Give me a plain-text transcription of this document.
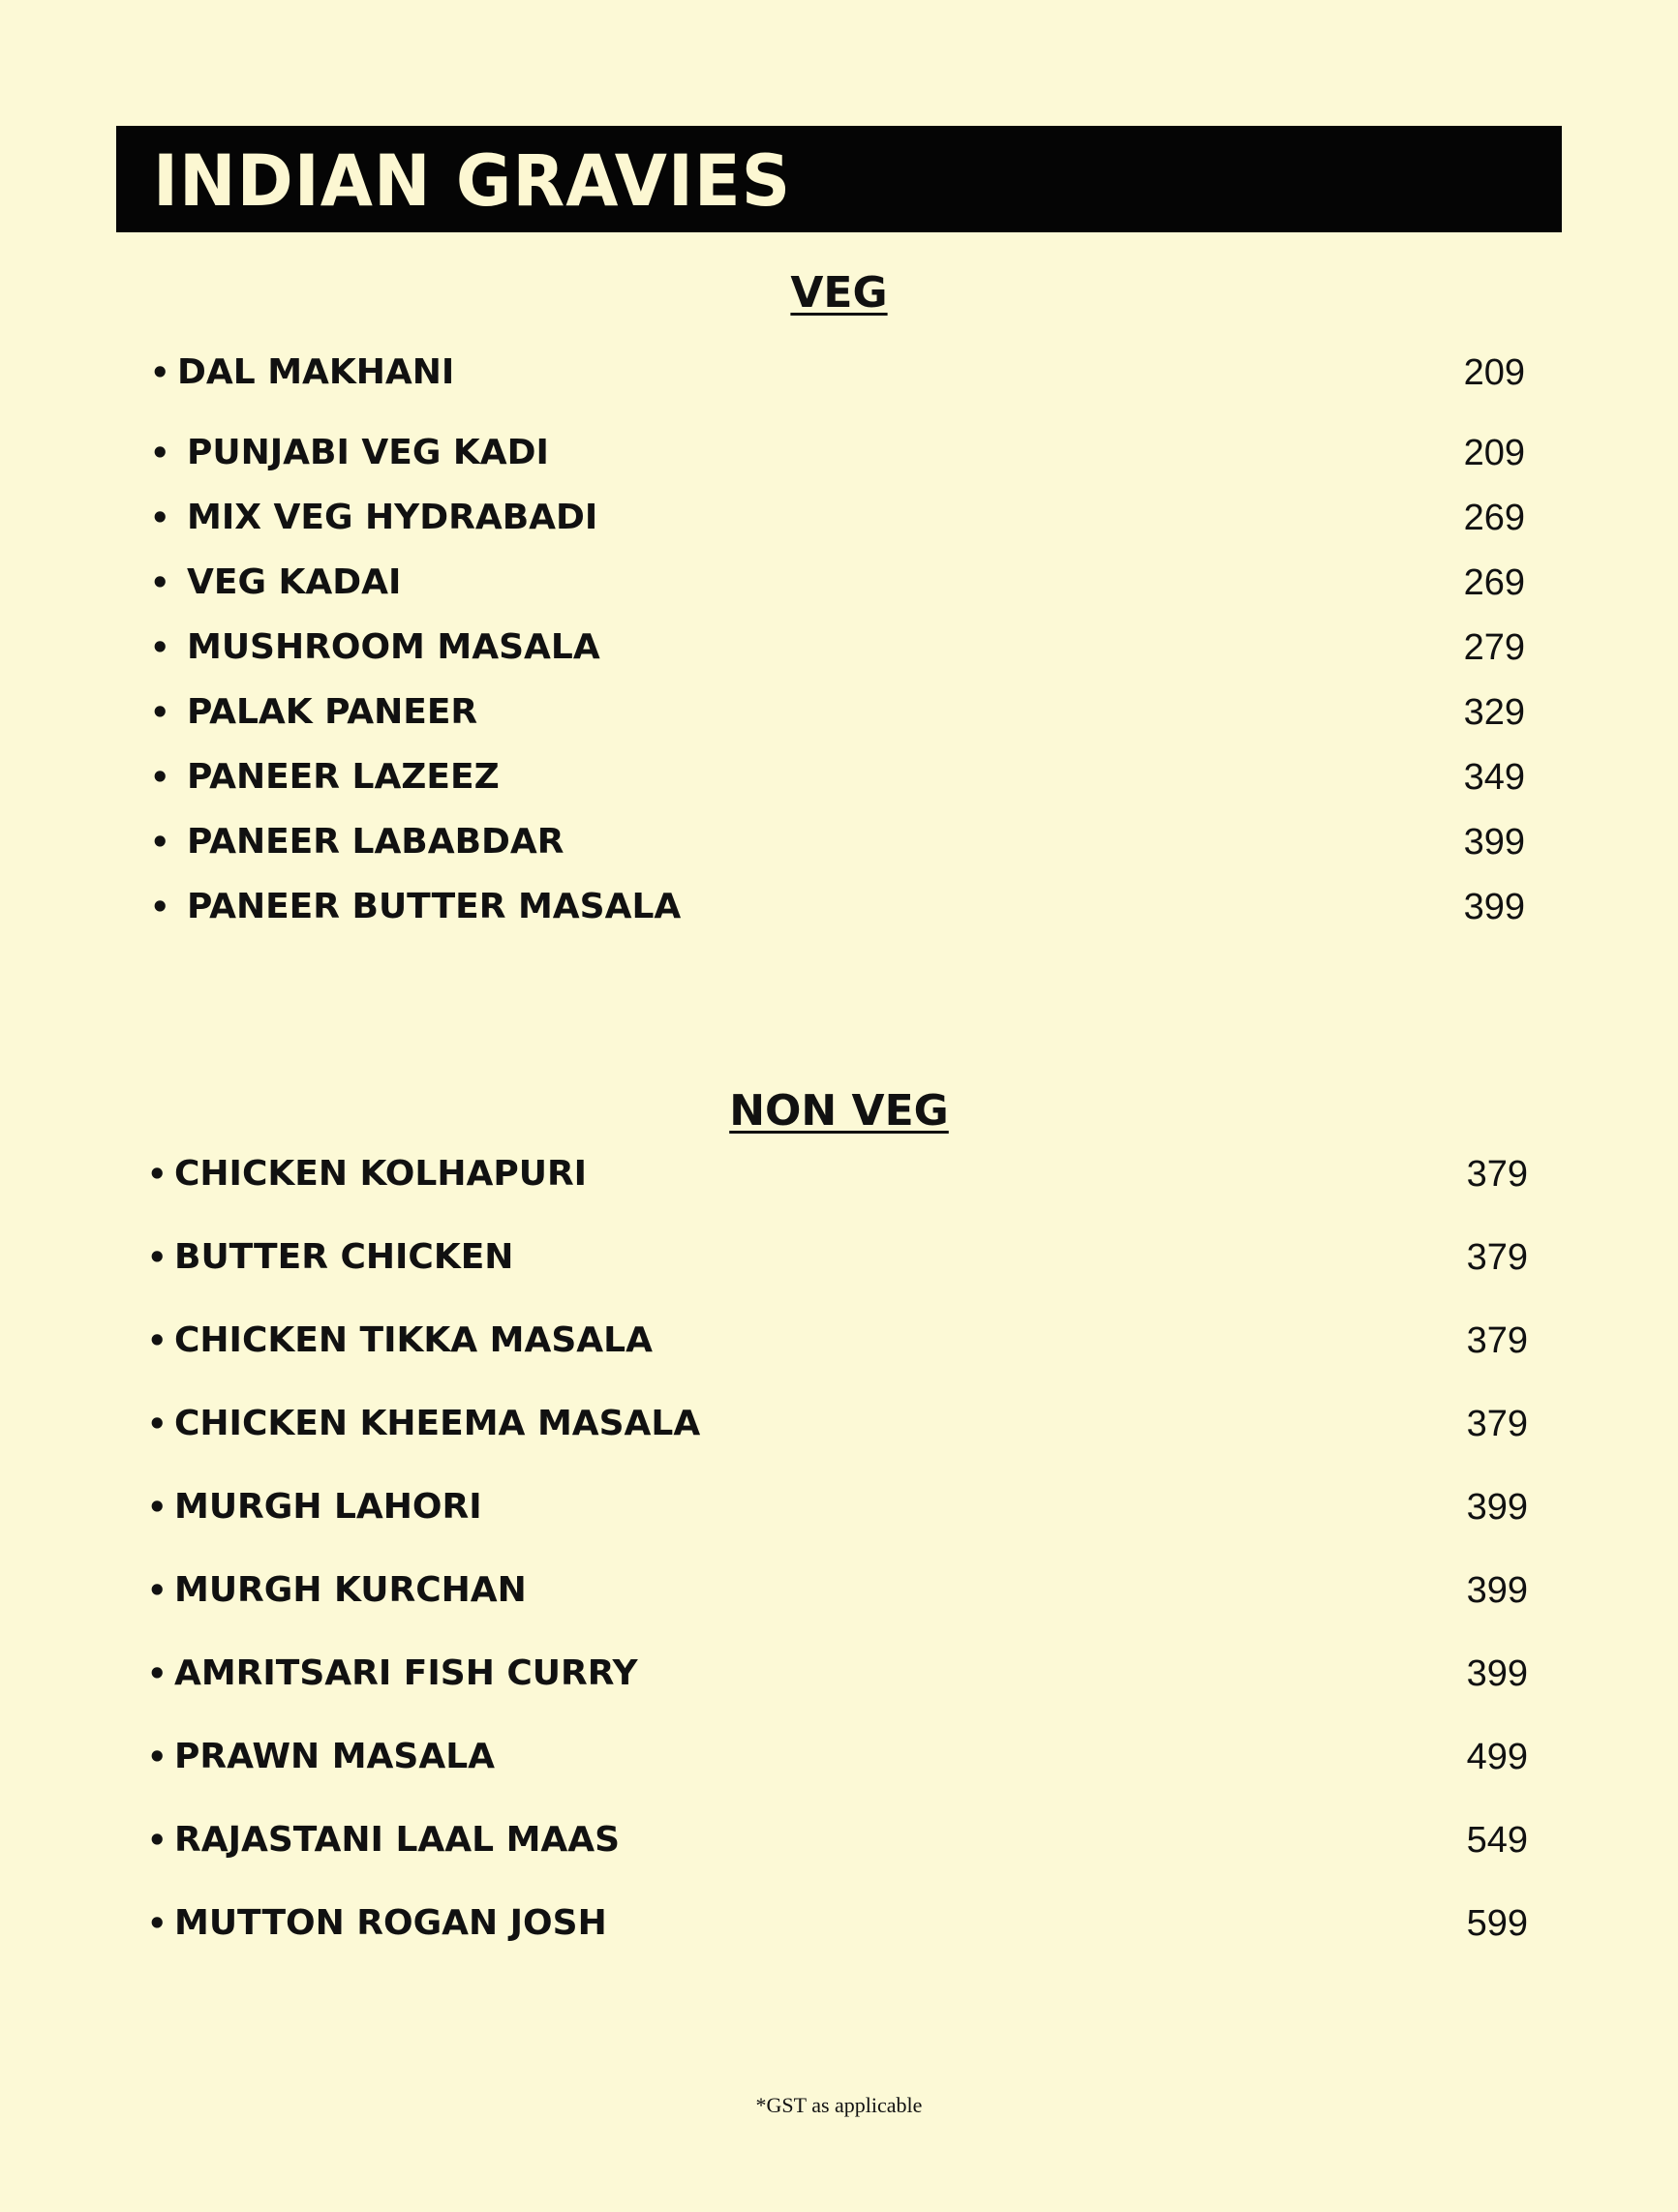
INDIAN GRAVIES
VEG
• DAL MAKHANI	209
• PUNJABI VEG KADI	209
• MIX VEG HYDRABADI	269
• VEG KADAI	269
• MUSHROOM MASALA	279
• PALAK PANEER	329
• PANEER LAZEEZ	349
• PANEER LABABDAR	399
• PANEER BUTTER MASALA	399
NON VEG
• CHICKEN KOLHAPURI	379
• BUTTER CHICKEN	379
• CHICKEN TIKKA MASALA	379
• CHICKEN KHEEMA MASALA	379
• MURGH LAHORI	399
• MURGH KURCHAN	399
• AMRITSARI FISH CURRY	399
• PRAWN MASALA	499
• RAJASTANI LAAL MAAS	549
• MUTTON ROGAN JOSH	599
*GST as applicable
